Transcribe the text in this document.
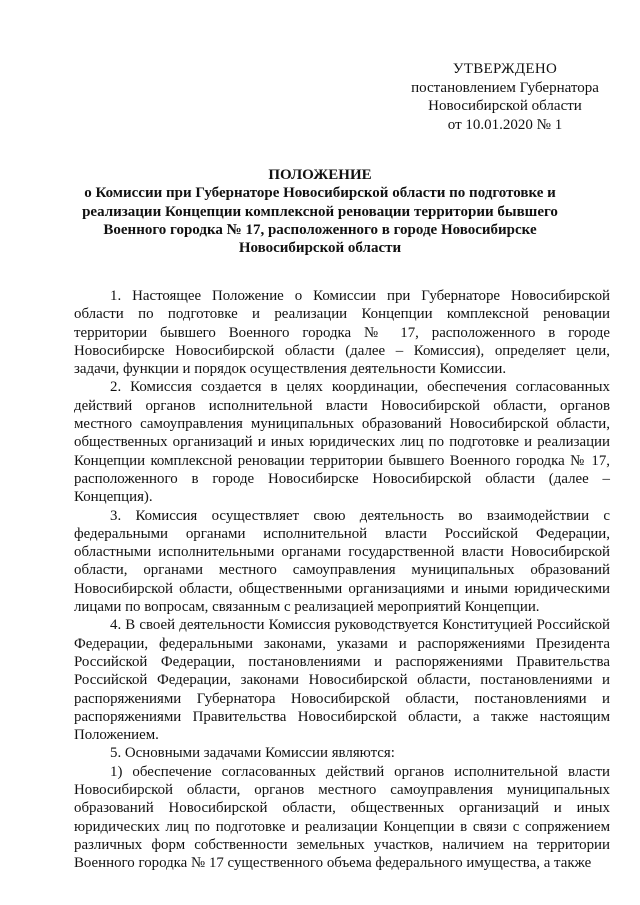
УТВЕРЖДЕНО
постановлением Губернатора
Новосибирской области
от 10.01.2020 № 1
ПОЛОЖЕНИЕ
о Комиссии при Губернаторе Новосибирской области по подготовке и
реализации Концепции комплексной реновации территории бывшего
Военного городка № 17, расположенного в городе Новосибирске
Новосибирской области

1. Настоящее Положение о Комиссии при Губернаторе Новосибирской области по подготовке и реализации Концепции комплексной реновации территории бывшего Военного городка № 17, расположенного в городе Новосибирске Новосибирской области (далее – Комиссия), определяет цели, задачи, функции и порядок осуществления деятельности Комиссии.

2. Комиссия создается в целях координации, обеспечения согласованных действий органов исполнительной власти Новосибирской области, органов местного самоуправления муниципальных образований Новосибирской области, общественных организаций и иных юридических лиц по подготовке и реализации Концепции комплексной реновации территории бывшего Военного городка № 17, расположенного в городе Новосибирске Новосибирской области (далее – Концепция).

3. Комиссия осуществляет свою деятельность во взаимодействии с федеральными органами исполнительной власти Российской Федерации, областными исполнительными органами государственной власти Новосибирской области, органами местного самоуправления муниципальных образований Новосибирской области, общественными организациями и иными юридическими лицами по вопросам, связанным с реализацией мероприятий Концепции.

4. В своей деятельности Комиссия руководствуется Конституцией Российской Федерации, федеральными законами, указами и распоряжениями Президента Российской Федерации, постановлениями и распоряжениями Правительства Российской Федерации, законами Новосибирской области, постановлениями и распоряжениями Губернатора Новосибирской области, постановлениями и распоряжениями Правительства Новосибирской области, а также настоящим Положением.

5. Основными задачами Комиссии являются:

1) обеспечение согласованных действий органов исполнительной власти Новосибирской области, органов местного самоуправления муниципальных образований Новосибирской области, общественных организаций и иных юридических лиц по подготовке и реализации Концепции в связи с сопряжением различных форм собственности земельных участков, наличием на территории Военного городка № 17 существенного объема федерального имущества, а также
